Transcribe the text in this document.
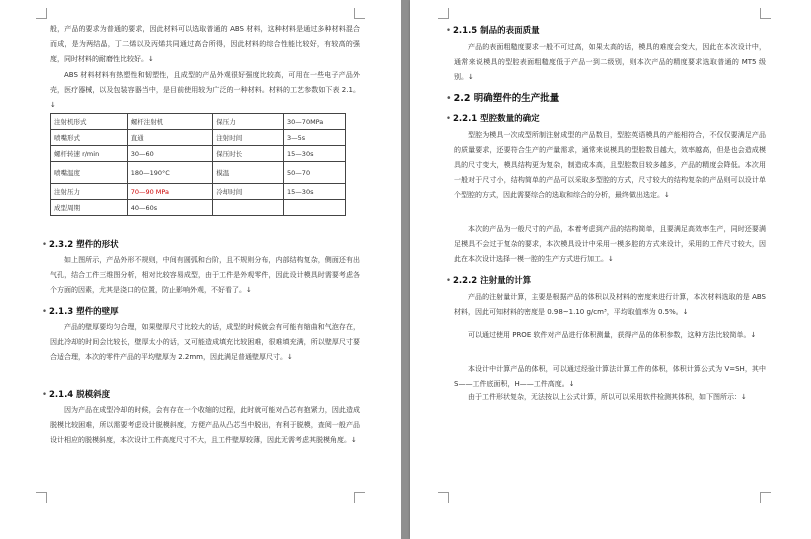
般，产品的要求为普通的要求，因此材料可以选取普通的 ABS 材料，这种材料是通过多种材料混合而成，是为两结晶，丁二烯以及丙烯共同通过高合所得，因此材料的综合性能比较好，有较高的强度，同时材料的耐磨性比较好。↓

ABS 材料材料有热塑性和韧塑性，且成型的产品外观很好强度比较高，可用在一些电子产品外壳，医疗器械，以及包装容器当中，是目前使用较为广泛的一种材料。材料的工艺参数如下表 2.1。↓

注射机形式	螺杆注射机	保压力	30—70MPa
喷嘴形式	直通	注射时间	3—5s
螺杆转速 r/min	30—60	保压时长	15—30s
喷嘴温度	180—190°C	模温	50—70
注射压力	70—90 MPa	冷却时间	15—30s
成型周期	40—60s		

• 2.3.2 塑件的形状

如上图所示，产品外形不规则，中间有圆弧和台阶，且不规则分布，内部结构复杂，侧面还有出气孔，结合工件三维图分析，相对比较容易成型，由于工件是外观零件，因此设计模具时需要考虑各个方面的因素，尤其是浇口的位置，防止影响外观，不好看了。↓

• 2.1.3 塑件的壁厚

产品的壁厚要均匀合理，如果壁厚尺寸比较大的话，成型的时候就会有可能有缩曲和气泡存在，因此冷却的时间会比较长，壁厚太小的话，又可能造成填充比较困难，很难填充满，所以壁厚尺寸要合适合理，本次的零件产品的平均壁厚为 2.2mm，因此满足普通壁厚尺寸。↓

• 2.1.4 脱模斜度

因为产品在成型冷却的时候，会有存在一个收缩的过程，此时就可能对凸芯有抱紧力，因此造成脱模比较困难，所以需要考虑设计脱模斜度，方便产品从凸芯当中脱出，有利于脱模，查阅一般产品设计相应的脱模斜度，本次设计工件高度尺寸不大，且工件壁厚较薄，因此无需考虑其脱模角度。↓

• 2.1.5 制品的表面质量

产品的表面粗糙度要求一般不可过高，如果太高的话，模具的难度会变大，因此在本次设计中，通常来说模具的型腔表面粗糙度低于产品一到二级别，则本次产品的精度要求选取普通的 MT5 级别。↓

• 2.2 明确塑件的生产批量

• 2.2.1 型腔数量的确定

型腔为模具一次成型所制注射成型的产品数目，型腔英语模具的产能相符合，不仅仅要满足产品的质量要求，还要符合生产的产量需求，通常来说模具的型腔数目越大，效率越高，但是也会造成模具的尺寸变大，模具结构更为复杂，制造成本高，且型腔数目较多越多，产品的精度会降低。本次用一般对于尺寸小，结构简单的产品可以采取多型腔的方式，尺寸较大的结构复杂的产品则可以设计单个型腔的方式，因此需要综合的选取和综合的分析，最终做出选定。↓

本次的产品为一般尺寸的产品，本着考虑到产品的结构简单，且要满足高效率生产，同时还要满足模具不会过于复杂的要求，本次模具设计中采用一模多腔的方式来设计，采用的工件尺寸较大，因此在本次设计选择一模一腔的生产方式进行加工。↓

• 2.2.2 注射量的计算

产品的注射量计算，主要是根据产品的体积以及材料的密度来进行计算，本次材料选取的是 ABS 材料，因此可知材料的密度是 0.98~1.10 g/cm³，平均取值率为 0.5%。↓

可以通过使用 PROE 软件对产品进行体积测量，获得产品的体积参数，这种方法比较简单。↓

本设计中计算产品的体积，可以通过经验计算法计算工件的体积，体积计算公式为 V=SH，其中 S——工件底面积，H——工件高度。↓

由于工件形状复杂，无法按以上公式计算，所以可以采用软件检测其体积，如下图所示：↓
